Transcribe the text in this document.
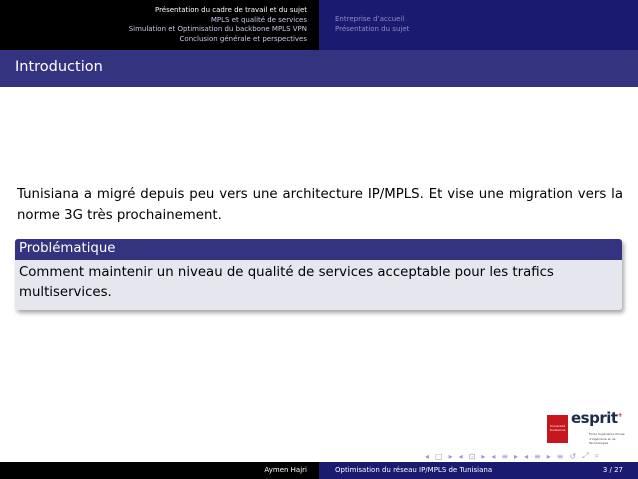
Présentation du cadre de travail et du sujet
MPLS et qualité de services
Simulation et Optimisation du backbone MPLS VPN
Conclusion générale et perspectives
Entreprise d’accueil
Présentation du sujet
Introduction

Tunisiana a migré depuis peu vers une architecture IP/MPLS. Et vise une migration vers la norme 3G très prochainement.

Problématique
Comment maintenir un niveau de qualité de services acceptable pour les trafics multiservices.
Université Tunisienne
esprit+
École Supérieure Privée d'Ingénierie et de Technologies
◂ □ ▸ ◂ ⊡ ▸ ◂ ≡ ▸ ◂ ≡ ▸ ≡ ↺ ⤢ ⌕
Aymen Hajri	Optimisation du réseau IP/MPLS de Tunisiana	3 / 27
